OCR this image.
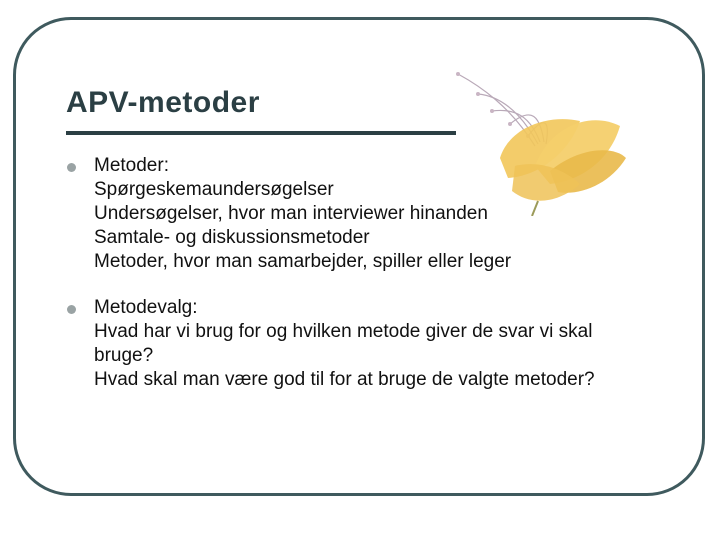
APV-metoder
Metoder:
Spørgeskemaundersøgelser
Undersøgelser, hvor man interviewer hinanden
Samtale- og diskussionsmetoder
Metoder, hvor man samarbejder, spiller eller leger
Metodevalg:
Hvad har vi brug for og hvilken metode giver de svar vi skal
bruge?
Hvad skal man være god til for at bruge de valgte metoder?
